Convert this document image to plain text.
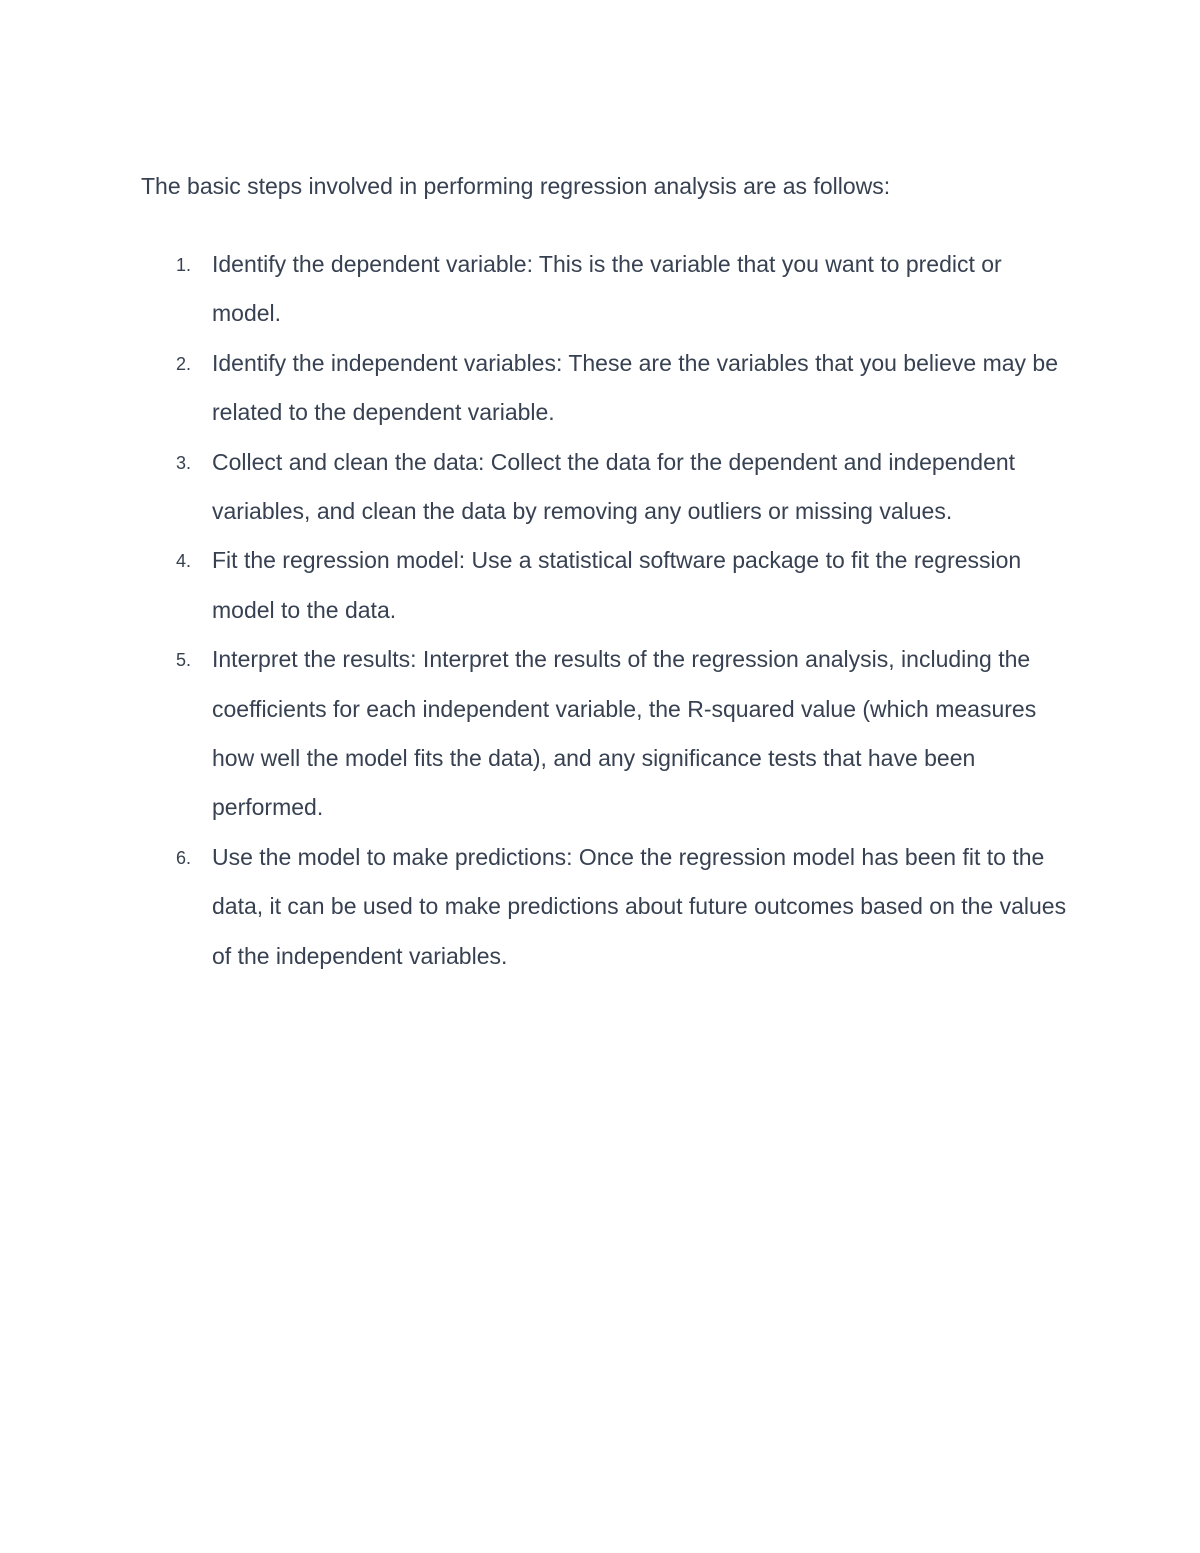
The basic steps involved in performing regression analysis are as follows:

1. Identify the dependent variable: This is the variable that you want to predict or model.
2. Identify the independent variables: These are the variables that you believe may be related to the dependent variable.
3. Collect and clean the data: Collect the data for the dependent and independent variables, and clean the data by removing any outliers or missing values.
4. Fit the regression model: Use a statistical software package to fit the regression model to the data.
5. Interpret the results: Interpret the results of the regression analysis, including the coefficients for each independent variable, the R-squared value (which measures how well the model fits the data), and any significance tests that have been performed.
6. Use the model to make predictions: Once the regression model has been fit to the data, it can be used to make predictions about future outcomes based on the values of the independent variables.
